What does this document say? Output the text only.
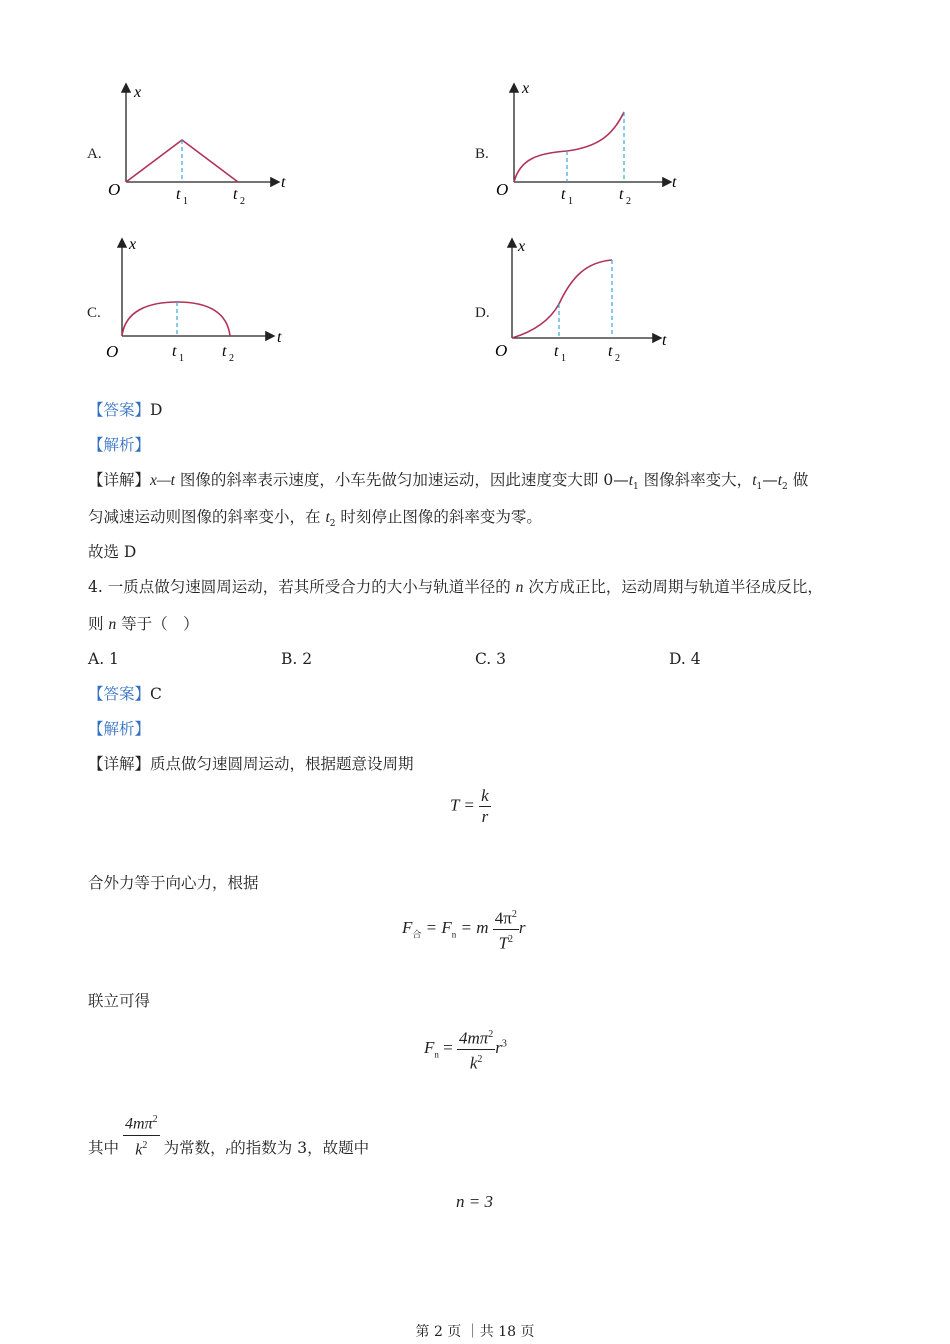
A.	B.
C.	D.
x
t
O	t 1	t 2
x
t
O	t 1	t 2
x
t
O	t 1 t 2
x
t
O	t 1	t 2
【答案】D
【解析】
【详解】x—t 图像的斜率表示速度，小车先做匀加速运动，因此速度变大即 $0—t_1$ 图像斜率变大，$t_1—t_2$ 做
匀减速运动则图像的斜率变小，在 $t_2$ 时刻停止图像的斜率变为零。
故选 D
4. 一质点做匀速圆周运动，若其所受合力的大小与轨道半径的 n 次方成正比，运动周期与轨道半径成反比，
则 n 等于（　）
A. 1	B. 2	C. 3	D. 4
【答案】C
【解析】
【详解】质点做匀速圆周运动，根据题意设周期
$T = \frac{k}{r}$
合外力等于向心力，根据
$F_合 = F_n = m \frac{4\pi^2}{T^2}$ r
联立可得
$F_n = \frac{4m\pi^2}{k^2} r^3$
其中 $\frac{4m\pi^2}{k^2}$ 为常数， r 的指数为 3，故题中
n = 3
第 2 页 ｜共 18 页
